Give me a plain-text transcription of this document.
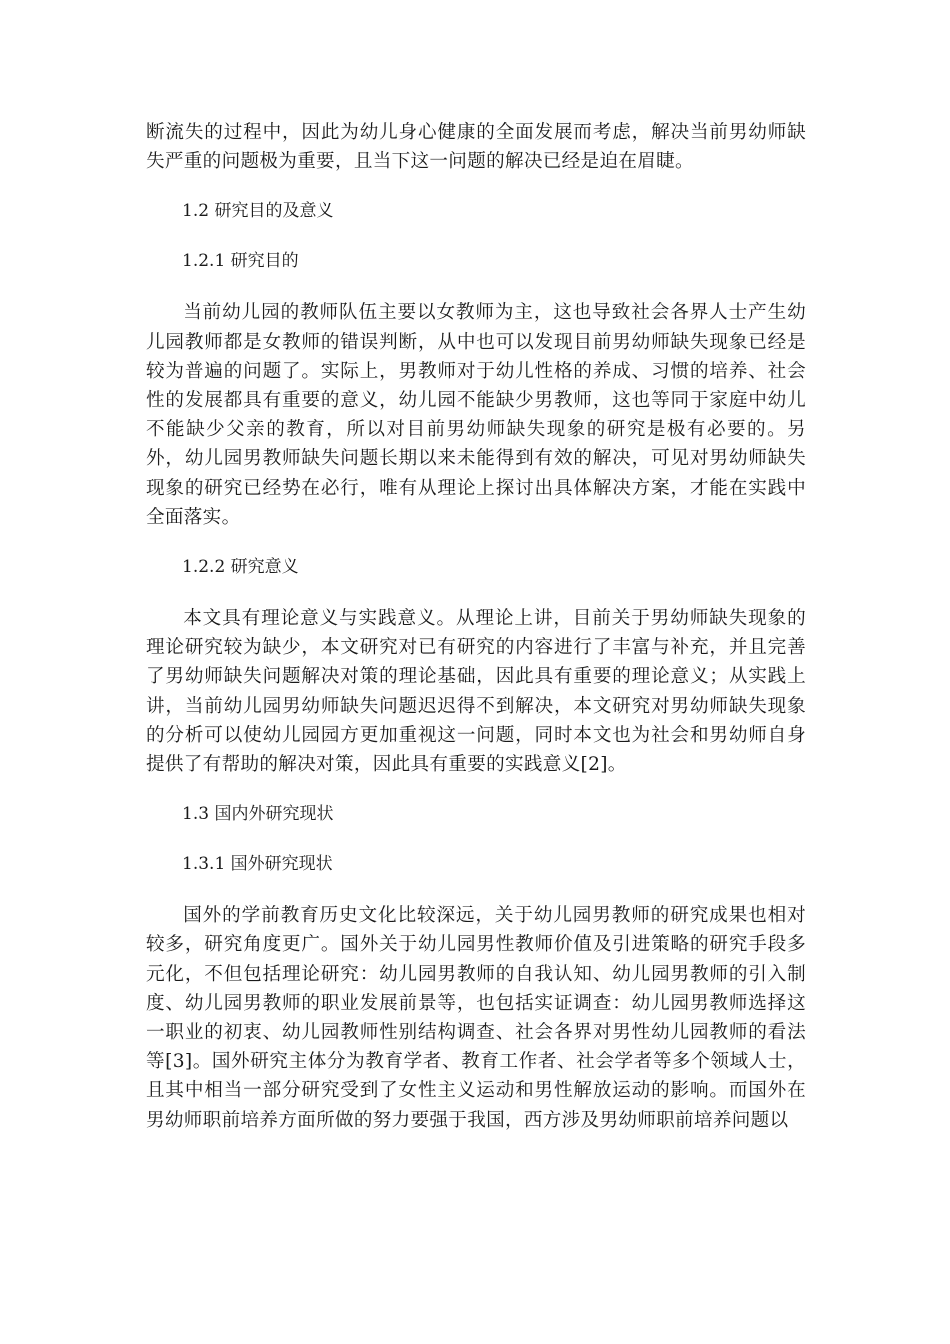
断流失的过程中，因此为幼儿身心健康的全面发展而考虑，解决当前男幼师缺失严重的问题极为重要，且当下这一问题的解决已经是迫在眉睫。

1.2 研究目的及意义

1.2.1 研究目的

当前幼儿园的教师队伍主要以女教师为主，这也导致社会各界人士产生幼儿园教师都是女教师的错误判断，从中也可以发现目前男幼师缺失现象已经是较为普遍的问题了。实际上，男教师对于幼儿性格的养成、习惯的培养、社会性的发展都具有重要的意义，幼儿园不能缺少男教师，这也等同于家庭中幼儿不能缺少父亲的教育，所以对目前男幼师缺失现象的研究是极有必要的。另外，幼儿园男教师缺失问题长期以来未能得到有效的解决，可见对男幼师缺失现象的研究已经势在必行，唯有从理论上探讨出具体解决方案，才能在实践中全面落实。

1.2.2 研究意义

本文具有理论意义与实践意义。从理论上讲，目前关于男幼师缺失现象的理论研究较为缺少，本文研究对已有研究的内容进行了丰富与补充，并且完善了男幼师缺失问题解决对策的理论基础，因此具有重要的理论意义；从实践上讲，当前幼儿园男幼师缺失问题迟迟得不到解决，本文研究对男幼师缺失现象的分析可以使幼儿园园方更加重视这一问题，同时本文也为社会和男幼师自身提供了有帮助的解决对策，因此具有重要的实践意义[2]。

1.3 国内外研究现状

1.3.1 国外研究现状

国外的学前教育历史文化比较深远，关于幼儿园男教师的研究成果也相对较多，研究角度更广。国外关于幼儿园男性教师价值及引进策略的研究手段多元化，不但包括理论研究：幼儿园男教师的自我认知、幼儿园男教师的引入制度、幼儿园男教师的职业发展前景等，也包括实证调查：幼儿园男教师选择这一职业的初衷、幼儿园教师性别结构调查、社会各界对男性幼儿园教师的看法等[3]。国外研究主体分为教育学者、教育工作者、社会学者等多个领域人士，且其中相当一部分研究受到了女性主义运动和男性解放运动的影响。而国外在男幼师职前培养方面所做的努力要强于我国，西方涉及男幼师职前培养问题以
